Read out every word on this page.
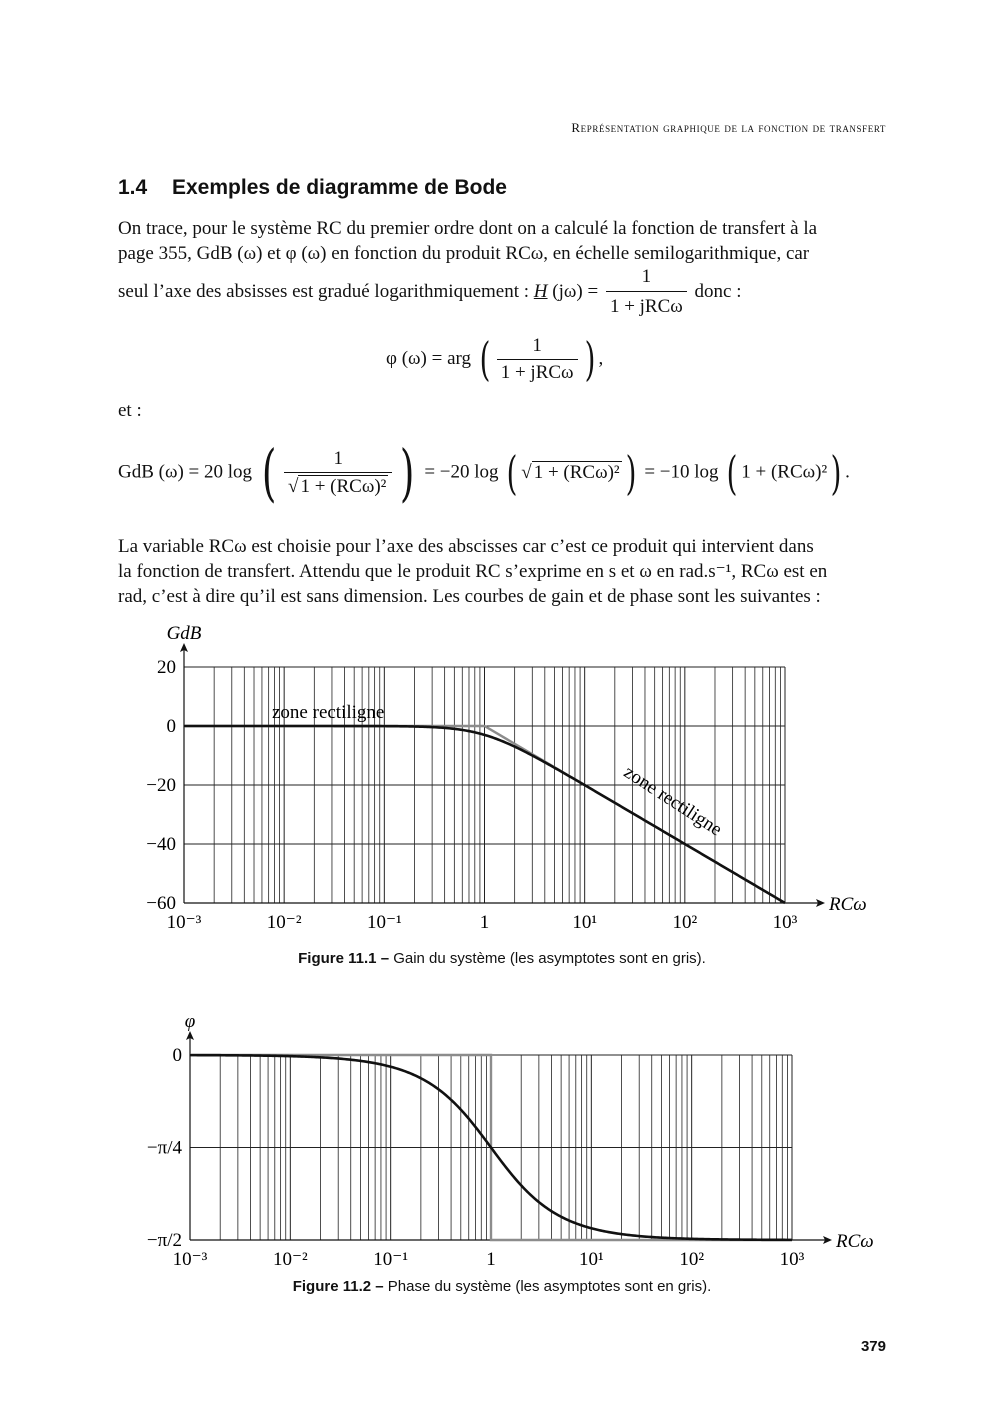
Représentation graphique de la fonction de transfert
1.4 Exemples de diagramme de Bode
On trace, pour le système RC du premier ordre dont on a calculé la fonction de transfert à la
page 355, GdB (ω) et φ (ω) en fonction du produit RCω, en échelle semilogarithmique, car
seul l’axe des absisses est gradué logarithmiquement : H $(j\omega) = \frac{1}{\text{1 + jRCω}}$ donc :
φ (ω) = arg ( $\frac{1}{\text{1 + jRCω}}$ ) ,
et :
GdB (ω) = 20 log ( $\frac{1}{\text{√ 1 + (RCω)²}}$ ) = −20 log ( √ 1 + (RCω)² ) = −10 log ( 1 + (RCω)²) .
La variable RCω est choisie pour l’axe des abscisses car c’est ce produit qui intervient dans
la fonction de transfert. Attendu que le produit RC s’exprime en s et ω en rad.s⁻¹, RCω est en
rad, c’est à dire qu’il est sans dimension. Les courbes de gain et de phase sont les suivantes :
20
0
−20
−40
−60
10⁻³	10⁻²	10⁻¹	1	10¹	10²	10³
RCω
GdB
zone rectiligne
zone rectiligne
Figure 11.1 – Gain du système (les asymptotes sont en gris).
0
−π/4
−π/2
10⁻³	10⁻²	10⁻¹	1	10¹	10²	10³
RCω
φ
Figure 11.2 – Phase du système (les asymptotes sont en gris).
379
